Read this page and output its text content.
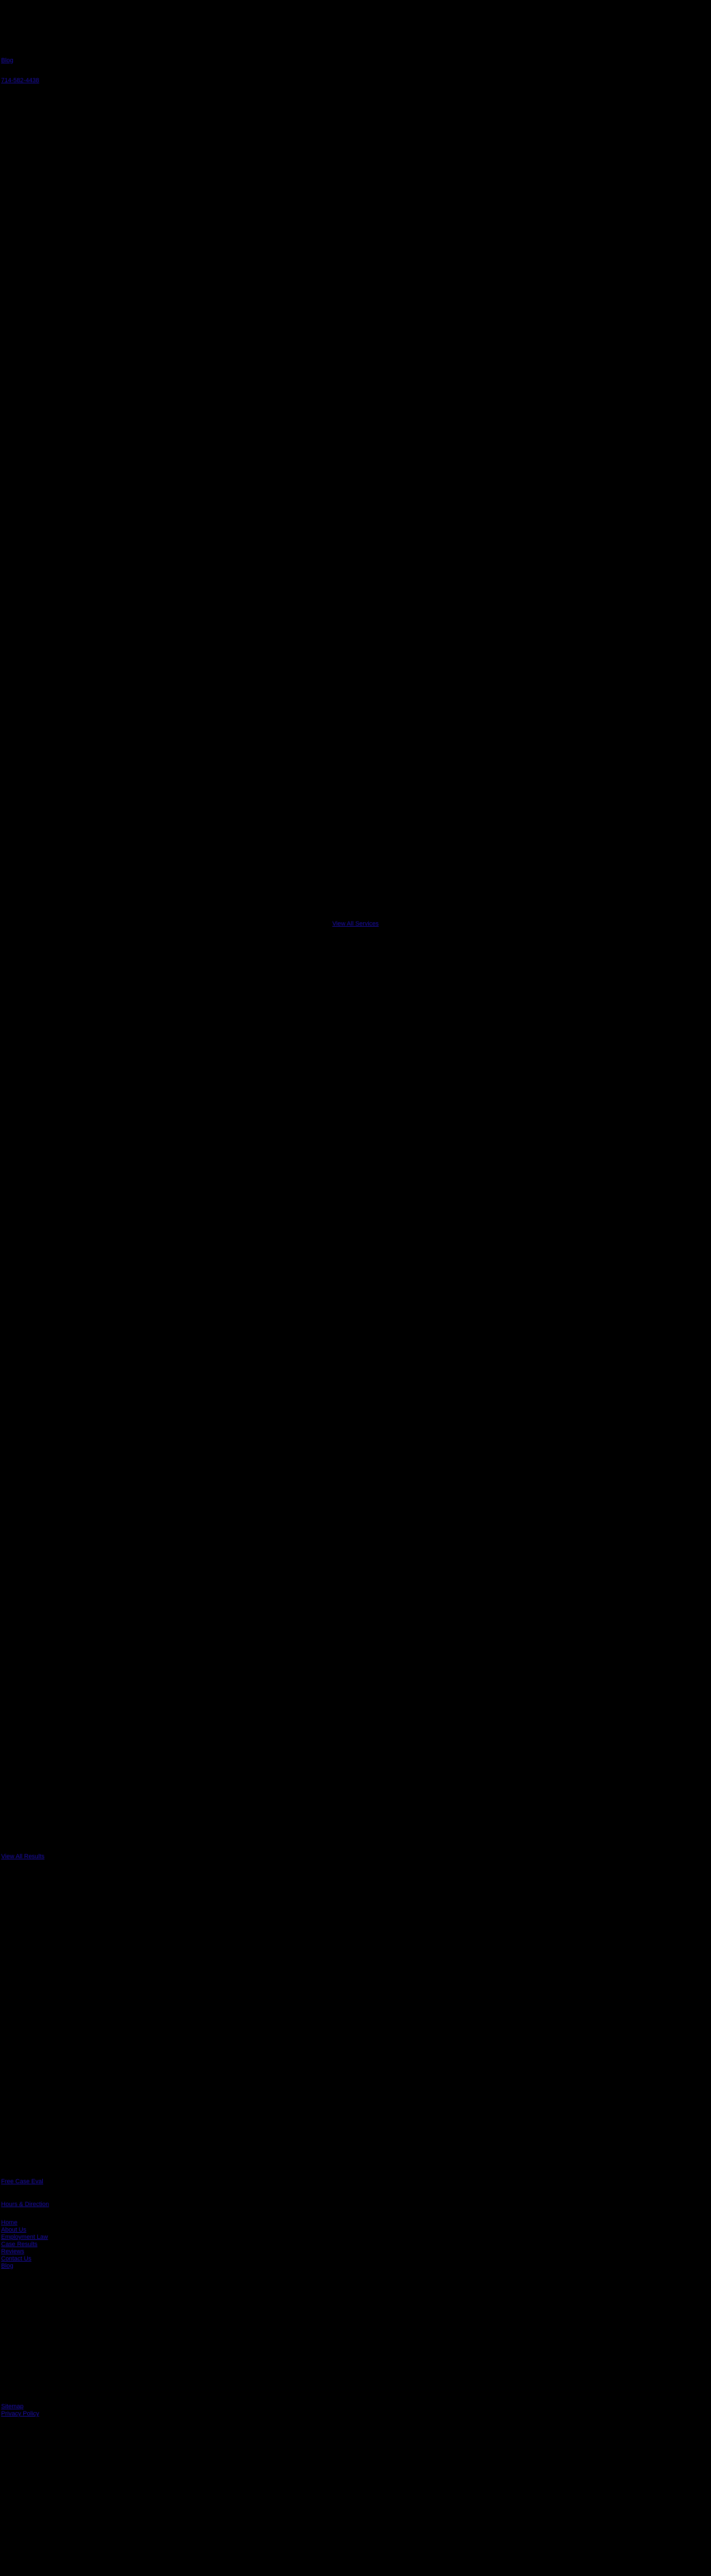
Blog
714-582-4438
View All Services
View All Results
Free Case Eval
Hours & Direction
Home
About Us
Employment Law
Case Results
Reviews
Contact Us
Blog
Sitemap
Privacy Policy
